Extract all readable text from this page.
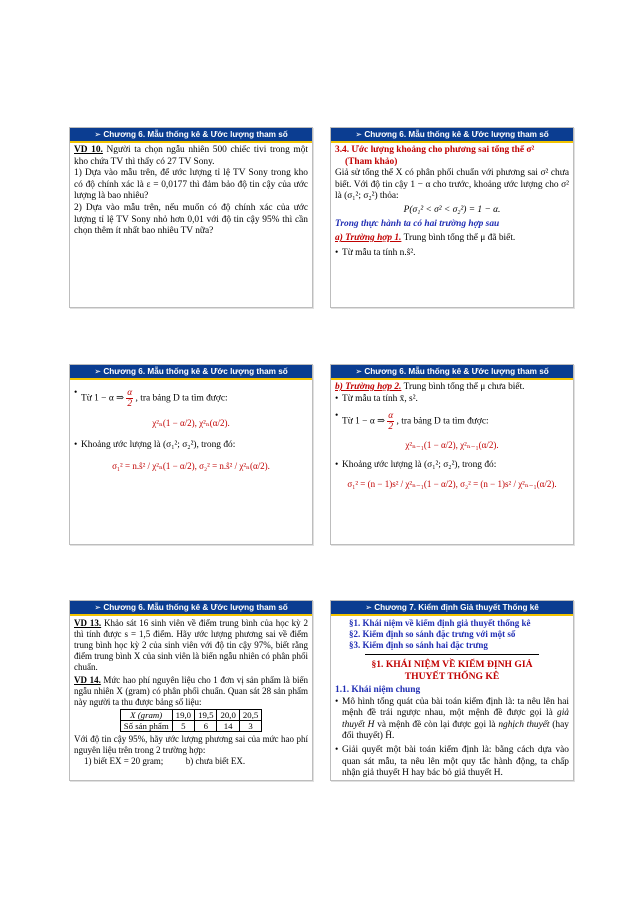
➢ Chương 6. Mẫu thống kê & Ước lượng tham số
VD 10. Người ta chọn ngẫu nhiên 500 chiếc tivi trong một kho chứa TV thì thấy có 27 TV Sony.
1) Dựa vào mẫu trên, để ước lượng tỉ lệ TV Sony trong kho có độ chính xác là ε = 0,0177 thì đảm bảo độ tin cậy của ước lượng là bao nhiêu?
2) Dựa vào mẫu trên, nếu muốn có độ chính xác của ước lượng tỉ lệ TV Sony nhỏ hơn 0,01 với độ tin cậy 95% thì cần chọn thêm ít nhất bao nhiêu TV nữa?
➢ Chương 6. Mẫu thống kê & Ước lượng tham số
3.4. Ước lượng khoảng cho phương sai tổng thể σ²
(Tham khảo)
Giả sử tổng thể X có phân phối chuẩn với phương sai σ² chưa biết. Với độ tin cậy 1 − α cho trước, khoảng ước lượng cho σ² là (σ₁²; σ₂²) thỏa:
P(σ₁² < σ² < σ₂²) = 1 − α.
Trong thực hành ta có hai trường hợp sau
a) Trường hợp 1. Trung bình tổng thể μ đã biết.
• Từ mẫu ta tính n.ŝ².
➢ Chương 6. Mẫu thống kê & Ước lượng tham số
• Từ 1 − α ⇒ $\frac{\alpha}{2}$ , tra bảng D ta tìm được:
χ²ₙ(1 − α/2), χ²ₙ(α/2).
• Khoảng ước lượng là (σ₁²; σ₂²), trong đó:
σ₁² = n.ŝ² / χ²ₙ(1 − α/2), σ₂² = n.ŝ² / χ²ₙ(α/2).
➢ Chương 6. Mẫu thống kê & Ước lượng tham số
b) Trường hợp 2. Trung bình tổng thể μ chưa biết.
• Từ mẫu ta tính x̄, s².
• Từ 1 − α ⇒ $\frac{\alpha}{2}$ , tra bảng D ta tìm được:
χ²ₙ₋₁(1 − α/2), χ²ₙ₋₁(α/2).
• Khoảng ước lượng là (σ₁²; σ₂²), trong đó:
σ₁² = (n − 1)s² / χ²ₙ₋₁(1 − α/2), σ₂² = (n − 1)s² / χ²ₙ₋₁(α/2).
➢ Chương 6. Mẫu thống kê & Ước lượng tham số
VD 13. Khảo sát 16 sinh viên về điểm trung bình của học kỳ 2 thì tính được s = 1,5 điểm. Hãy ước lượng phương sai về điểm trung bình học kỳ 2 của sinh viên với độ tin cậy 97%, biết rằng điểm trung bình X của sinh viên là biến ngẫu nhiên có phân phối chuẩn.
VD 14. Mức hao phí nguyên liệu cho 1 đơn vị sản phẩm là biến ngẫu nhiên X (gram) có phân phối chuẩn. Quan sát 28 sản phẩm này người ta thu được bảng số liệu:
X (gram)	19,0	19,5	20,0	20,5
Số sản phẩm	5	6	14	3
Với độ tin cậy 95%, hãy ước lượng phương sai của mức hao phí nguyên liệu trên trong 2 trường hợp:
1) biết EX = 20 gram;          b) chưa biết EX.
➢ Chương 7. Kiểm định Giả thuyết Thống kê
§1. Khái niệm về kiểm định giả thuyết thống kê
§2. Kiểm định so sánh đặc trưng với một số
§3. Kiểm định so sánh hai đặc trưng
§1. KHÁI NIỆM VỀ KIỂM ĐỊNH GIẢ THUYẾT THỐNG KÊ
1.1. Khái niệm chung
• Mô hình tổng quát của bài toán kiểm định là: ta nêu lên hai mệnh đề trái ngược nhau, một mệnh đề được gọi là giả thuyết H và mệnh đề còn lại được gọi là nghịch thuyết (hay đối thuyết) H̄.
• Giải quyết một bài toán kiểm định là: bằng cách dựa vào quan sát mẫu, ta nêu lên một quy tắc hành động, ta chấp nhận giả thuyết H hay bác bỏ giả thuyết H.
